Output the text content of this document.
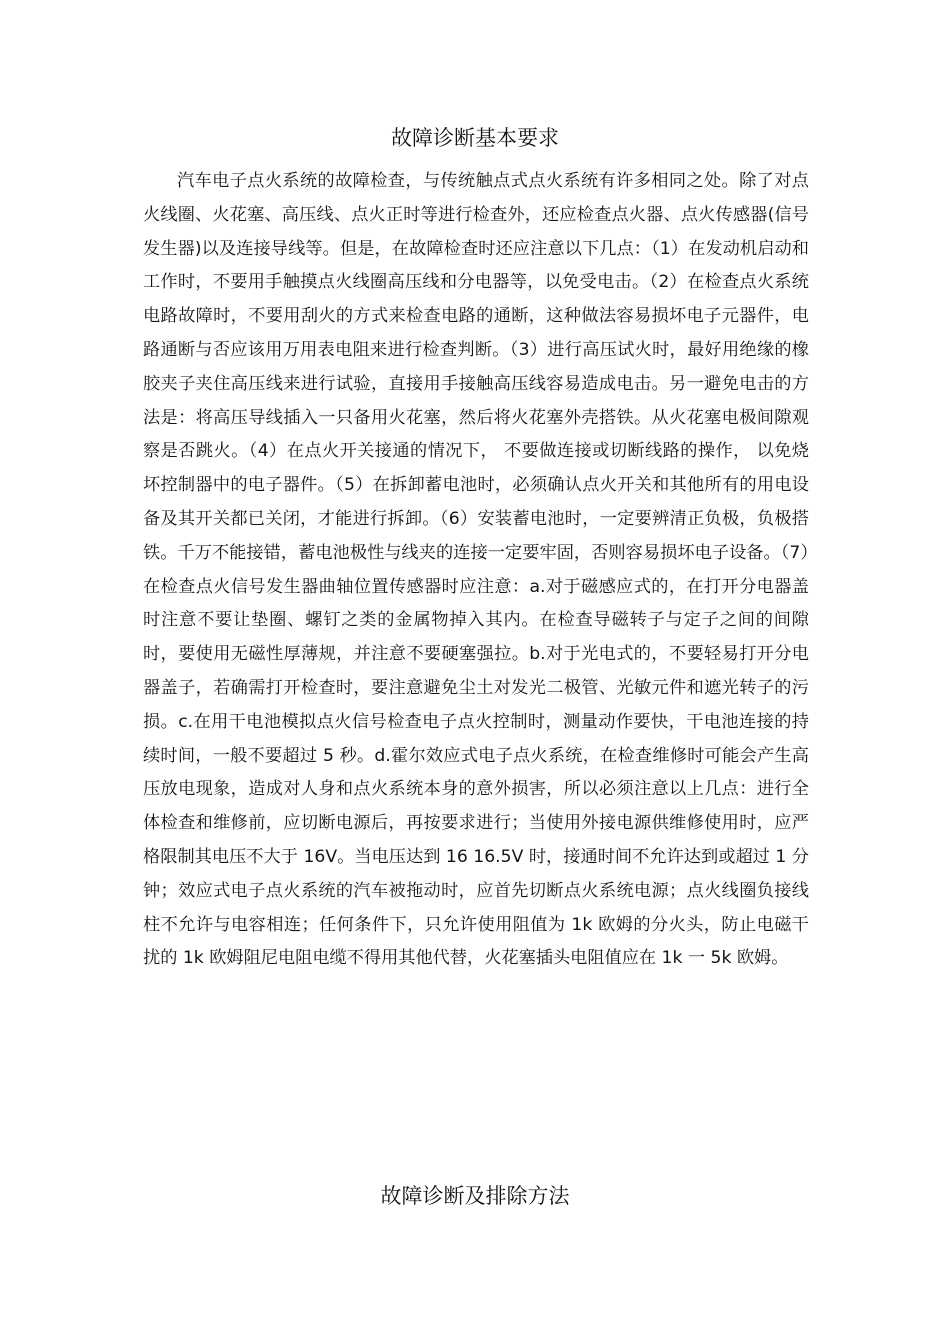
故障诊断基本要求

汽车电子点火系统的故障检查，与传统触点式点火系统有许多相同之处。除了对点火线圈、火花塞、高压线、点火正时等进行检查外，还应检查点火器、点火传感器(信号发生器)以及连接导线等。但是，在故障检查时还应注意以下几点：（1）在发动机启动和工作时，不要用手触摸点火线圈高压线和分电器等，以免受电击。（2）在检查点火系统电路故障时，不要用刮火的方式来检查电路的通断，这种做法容易损坏电子元器件，电路通断与否应该用万用表电阻来进行检查判断。（3）进行高压试火时，最好用绝缘的橡胶夹子夹住高压线来进行试验，直接用手接触高压线容易造成电击。另一避免电击的方法是：将高压导线插入一只备用火花塞，然后将火花塞外壳搭铁。从火花塞电极间隙观察是否跳火。（4）在点火开关接通的情况下， 不要做连接或切断线路的操作， 以免烧坏控制器中的电子器件。（5）在拆卸蓄电池时，必须确认点火开关和其他所有的用电设备及其开关都已关闭，才能进行拆卸。（6）安装蓄电池时，一定要辨清正负极，负极搭铁。千万不能接错，蓄电池极性与线夹的连接一定要牢固，否则容易损坏电子设备。（7）在检查点火信号发生器曲轴位置传感器时应注意：a.对于磁感应式的，在打开分电器盖时注意不要让垫圈、螺钉之类的金属物掉入其内。在检查导磁转子与定子之间的间隙时，要使用无磁性厚薄规，并注意不要硬塞强拉。b.对于光电式的，不要轻易打开分电器盖子，若确需打开检查时，要注意避免尘土对发光二极管、光敏元件和遮光转子的污损。c.在用干电池模拟点火信号检查电子点火控制时，测量动作要快，干电池连接的持续时间，一般不要超过 5 秒。d.霍尔效应式电子点火系统，在检查维修时可能会产生高压放电现象，造成对人身和点火系统本身的意外损害，所以必须注意以上几点：进行全体检查和维修前，应切断电源后，再按要求进行；当使用外接电源供维修使用时，应严格限制其电压不大于 16V。当电压达到 16 16.5V 时，接通时间不允许达到或超过 1 分钟；效应式电子点火系统的汽车被拖动时，应首先切断点火系统电源；点火线圈负接线柱不允许与电容相连；任何条件下，只允许使用阻值为 1k 欧姆的分火头，防止电磁干扰的 1k 欧姆阻尼电阻电缆不得用其他代替，火花塞插头电阻值应在 1k 一 5k 欧姆。

故障诊断及排除方法
